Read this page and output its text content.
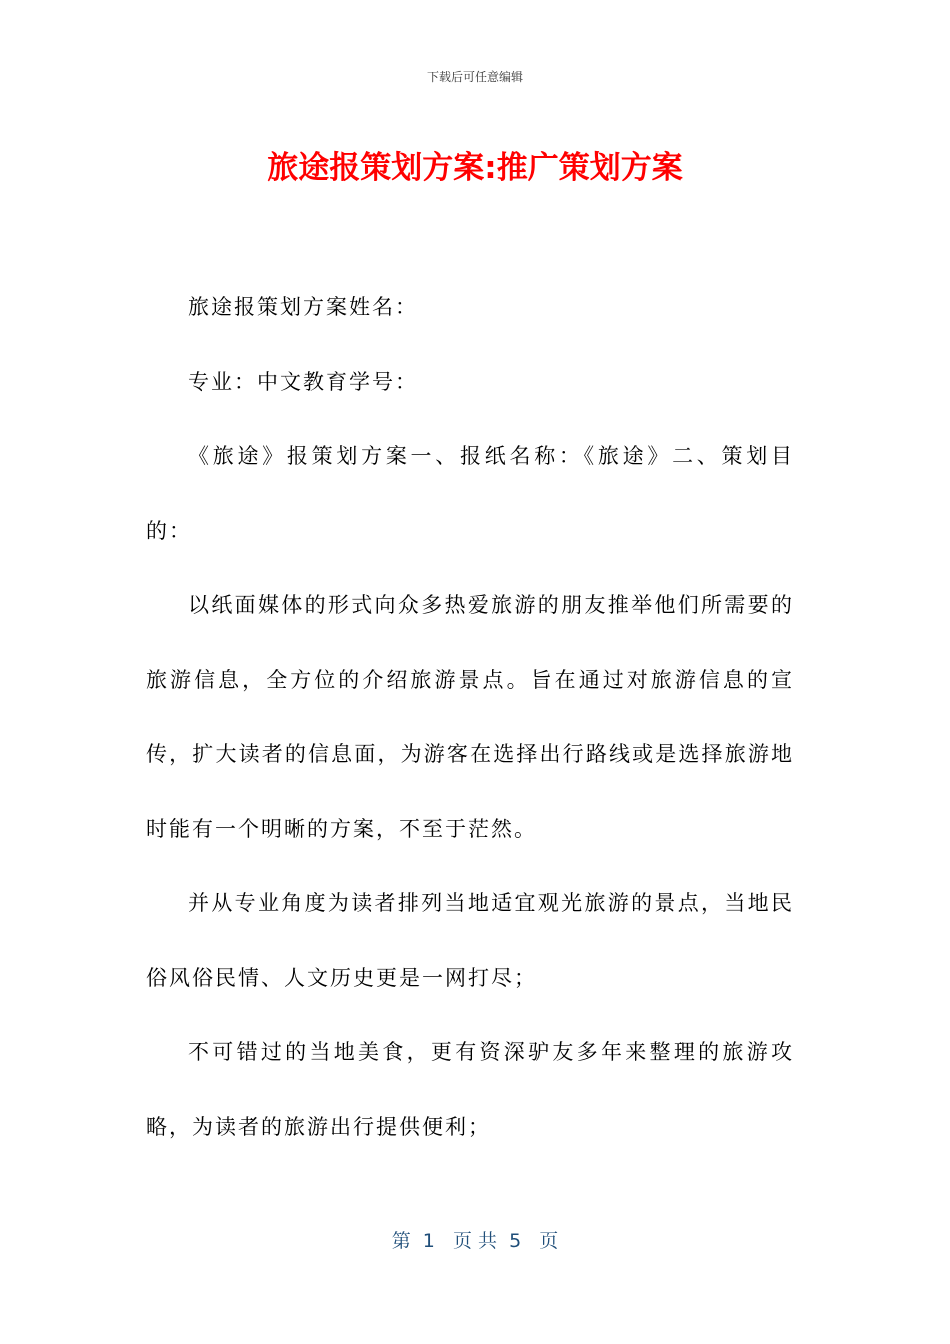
下载后可任意编辑
旅途报策划方案:推广策划方案

旅途报策划方案姓名：

专业：中文教育学号：

《旅途》报策划方案一、报纸名称：《旅途》二、策划目的：

以纸面媒体的形式向众多热爱旅游的朋友推举他们所需要的旅游信息，全方位的介绍旅游景点。旨在通过对旅游信息的宣传，扩大读者的信息面，为游客在选择出行路线或是选择旅游地时能有一个明晰的方案，不至于茫然。

并从专业角度为读者排列当地适宜观光旅游的景点，当地民俗风俗民情、人文历史更是一网打尽；

不可错过的当地美食，更有资深驴友多年来整理的旅游攻略，为读者的旅游出行提供便利；

第  1   页 共  5   页
